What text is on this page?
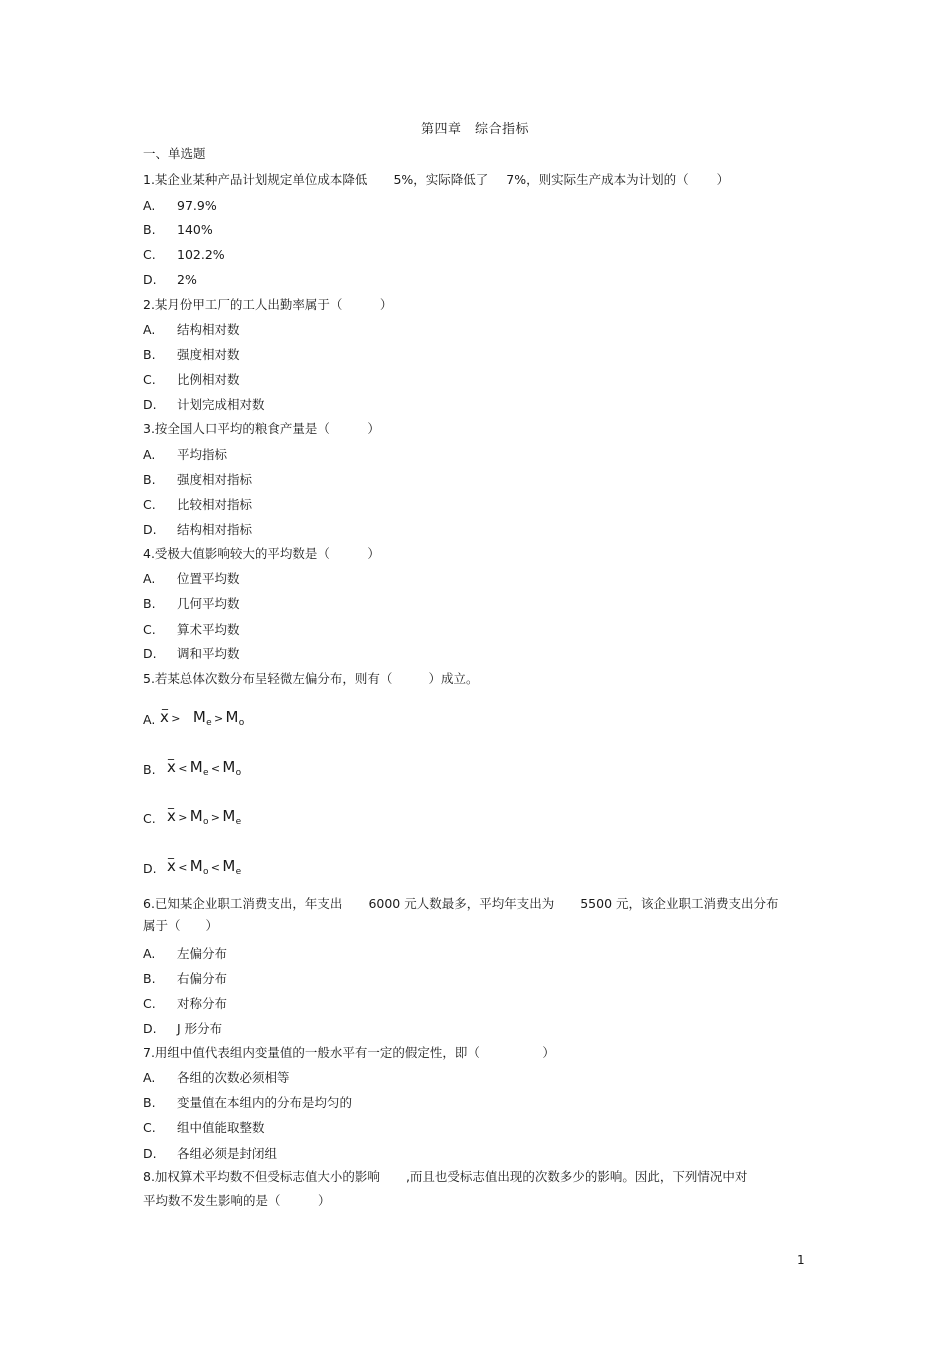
第四章　综合指标
一、单选题
1.某企业某种产品计划规定单位成本降低 5%，实际降低了 7%，则实际生产成本为计划的（ ）
A. 97.9%
B. 140%
C. 102.2%
D. 2%
2.某月份甲工厂的工人出勤率属于（　　　）
A. 结构相对数
B. 强度相对数
C. 比例相对数
D. 计划完成相对数
3.按全国人口平均的粮食产量是（　　　）
A. 平均指标
B. 强度相对指标
C. 比较相对指标
D. 结构相对指标
4.受极大值影响较大的平均数是（　　　）
A. 位置平均数
B. 几何平均数
C. 算术平均数
D. 调和平均数
5.若某总体次数分布呈轻微左偏分布，则有（	）成立。
A.
_
$x > M_e > M_o$
B.
_
$x < M_e < M_o$
C.
_
$x > M_o > M_e$
D.
_
$x < M_o < M_e$
6.已知某企业职工消费支出，年支出 6000 元人数最多，平均年支出为 5500 元，该企业职工消费支出分布
属于（　　）
A. 左偏分布
B. 右偏分布
C. 对称分布
D. J 形分布
7.用组中值代表组内变量值的一般水平有一定的假定性，即（　　　　　）
A. 各组的次数必须相等
B. 变量值在本组内的分布是均匀的
C. 组中值能取整数
D. 各组必须是封闭组
8.加权算术平均数不但受标志值大小的影响 ,而且也受标志值出现的次数多少的影响。因此，下列情况中对
平均数不发生影响的是（　　　）
1
